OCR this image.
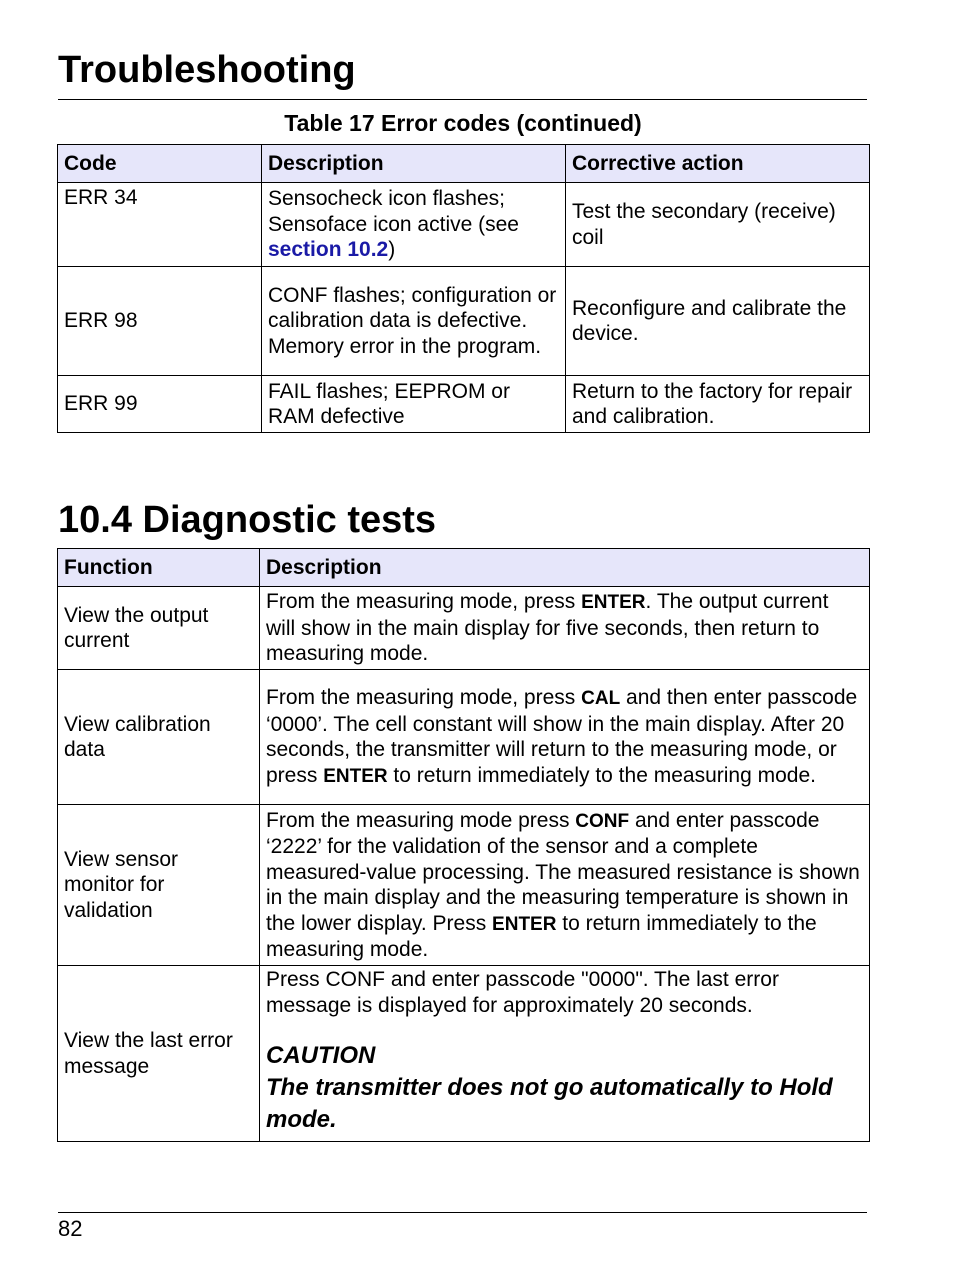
Troubleshooting
Table 17 Error codes (continued)
Code	Description	Corrective action
ERR 34	Sensocheck icon flashes; Sensoface icon active (see section 10.2)	Test the secondary (receive) coil
ERR 98	CONF flashes; configuration or calibration data is defective. Memory error in the program.	Reconfigure and calibrate the device.
ERR 99	FAIL flashes; EEPROM or RAM defective	Return to the factory for repair and calibration.
10.4 Diagnostic tests
Function	Description
View the output current	From the measuring mode, press ENTER. The output current will show in the main display for five seconds, then return to measuring mode.
View calibration data	From the measuring mode, press CAL and then enter passcode ‘0000’. The cell constant will show in the main display. After 20 seconds, the transmitter will return to the measuring mode, or press ENTER to return immediately to the measuring mode.
View sensor monitor for validation	From the measuring mode press CONF and enter passcode ‘2222’ for the validation of the sensor and a complete measured-value processing. The measured resistance is shown in the main display and the measuring temperature is shown in the lower display. Press ENTER to return immediately to the measuring mode.
View the last error message	Press CONF and enter passcode "0000". The last error message is displayed for approximately 20 seconds.
CAUTION
The transmitter does not go automatically to Hold mode.
82
